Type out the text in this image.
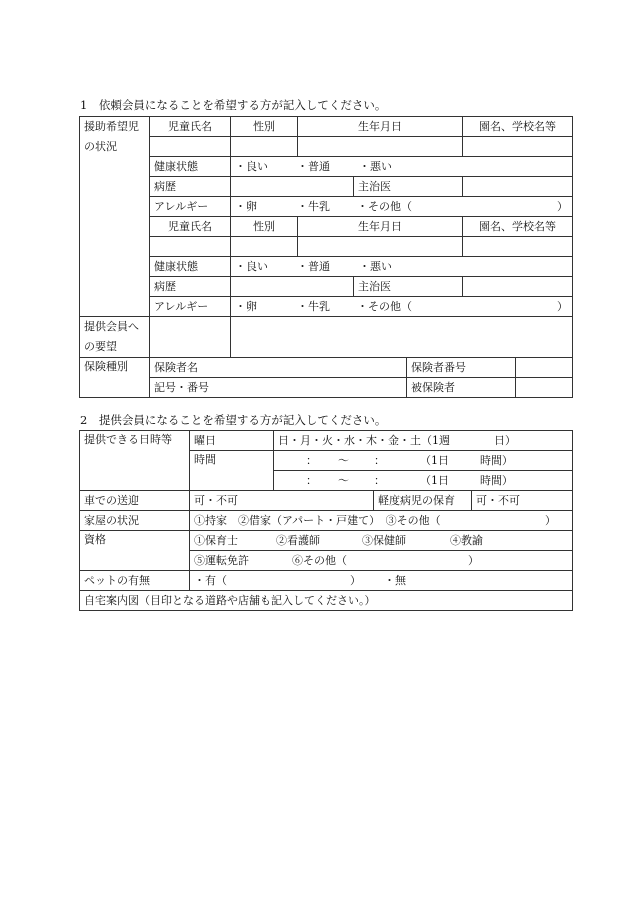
1　依頼会員になることを希望する方が記入してください。
援助希望児の状況	児童氏名	性別	生年月日			園名、学校名等	

	健康状態	・良い ・普通 ・悪い					
	病歴			主治医			
	アレルギー	・卵 ・牛乳 ・その他（ ）					

	児童氏名	性別	生年月日			園名、学校名等	

	健康状態	・良い ・普通 ・悪い					
	病歴			主治医			
	アレルギー	・卵 ・牛乳 ・その他（ ）					

提供会員への要望							
保険種別	保険者名				保険者番号		
	記号・番号				被保険者		
2　提供会員になることを希望する方が記入してください。
提供できる日時等	曜日	日・月・火・水・木・金・土（1週　　　　日）		
	時間	： 〜 ： （1日 時間）		
		： 〜 ： （1日 時間）		
車での送迎	可・不可		軽度病児の保育	可・不可
家屋の状況	①持家　②借家（アパート・戸建て）　③その他（ ）			

資格	①保育士 ②看護師 ③保健師 ④教諭			
	⑤運転免許 ⑥その他（ ）			
ペットの有無	・有（ ） ・無			
自宅案内図（目印となる道路や店舗も記入してください。）				
